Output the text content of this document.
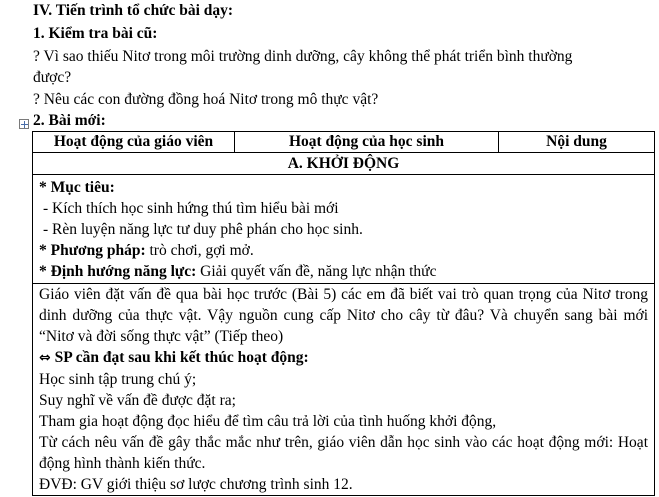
IV. Tiến trình tổ chức bài dạy:
1. Kiểm tra bài cũ:
? Vì sao thiếu Nitơ trong môi trường dinh dưỡng, cây không thể phát triển bình thường
được?
? Nêu các con đường đồng hoá Nitơ trong mô thực vật?
2. Bài mới:
Hoạt động của giáo viên	Hoạt động của học sinh	Nội dung
A. KHỞI ĐỘNG

* Mục tiêu:

- Kích thích học sinh hứng thú tìm hiểu bài mới

- Rèn luyện năng lực tư duy phê phán cho học sinh.

* Phương pháp: trò chơi, gợi mở.

* Định hướng năng lực: Giải quyết vấn đề, năng lực nhận thức

Giáo viên đặt vấn đề qua bài học trước (Bài 5) các em đã biết vai trò quan trọng của Nitơ trong dinh dưỡng của thực vật. Vậy nguồn cung cấp Nitơ cho cây từ đâu? Và chuyển sang bài mới “Nitơ và đời sống thực vật” (Tiếp theo)

⇔ SP cần đạt sau khi kết thúc hoạt động:

Học sinh tập trung chú ý;

Suy nghĩ về vấn đề được đặt ra;

Tham gia hoạt động đọc hiểu để tìm câu trả lời của tình huống khởi động,

Từ cách nêu vấn đề gây thắc mắc như trên, giáo viên dẫn học sinh vào các hoạt động mới: Hoạt động hình thành kiến thức.

ĐVĐ: GV giới thiệu sơ lược chương trình sinh 12.
